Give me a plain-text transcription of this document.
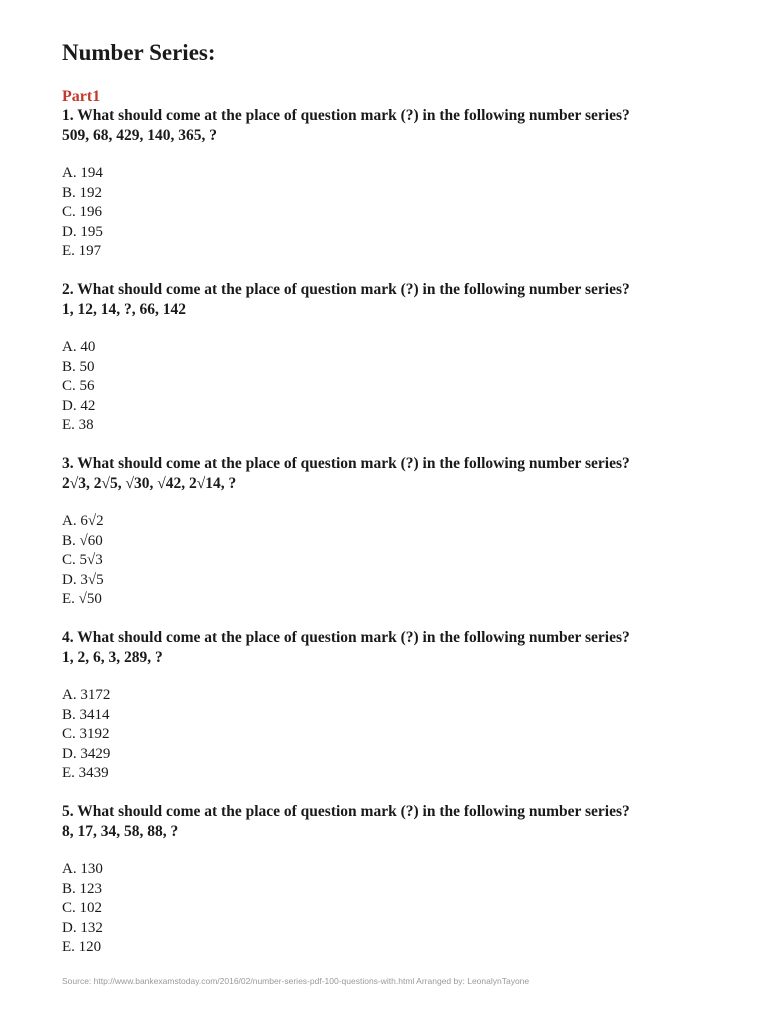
Number Series:
Part1
1. What should come at the place of question mark (?) in the following number series?
509, 68, 429, 140, 365, ?
A. 194
B. 192
C. 196
D. 195
E. 197
2. What should come at the place of question mark (?) in the following number series?
1, 12, 14, ?, 66, 142
A. 40
B. 50
C. 56
D. 42
E. 38
3. What should come at the place of question mark (?) in the following number series?
2√3, 2√5, √30, √42, 2√14, ?
A. 6√2
B. √60
C. 5√3
D. 3√5
E. √50
4. What should come at the place of question mark (?) in the following number series?
1, 2, 6, 3, 289, ?
A. 3172
B. 3414
C. 3192
D. 3429
E. 3439
5. What should come at the place of question mark (?) in the following number series?
8, 17, 34, 58, 88, ?
A. 130
B. 123
C. 102
D. 132
E. 120
Source: http://www.bankexamstoday.com/2016/02/number-series-pdf-100-questions-with.html Arranged by: LeonalynTayone
